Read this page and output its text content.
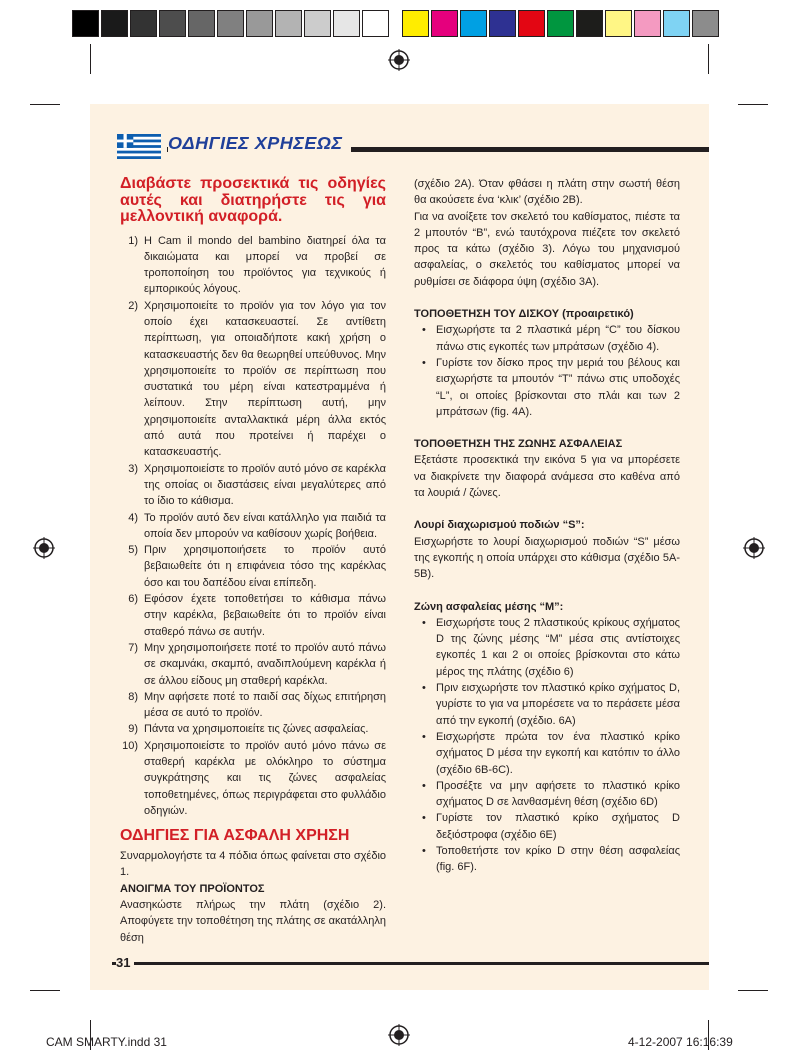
ΟΔΗΓΙΕΣ ΧΡΗΣΕΩΣ

Διαβάστε προσεκτικά τις οδηγίες αυτές και διατηρήστε τις για μελλοντική αναφορά.

1) H Cam il mondo del bambino διατηρεί όλα τα δικαιώματα και μπορεί να προβεί σε τροποποίηση του προϊόντος για τεχνικούς ή εμπορικούς λόγους.
2) Χρησιμοποιείτε το προϊόν για τον λόγο για τον οποίο έχει κατασκευαστεί. Σε αντίθετη περίπτωση, για οποιαδήποτε κακή χρήση ο κατασκευαστής δεν θα θεωρηθεί υπεύθυνος. Μην χρησιμοποιείτε το προϊόν σε περίπτωση που συστατικά του μέρη είναι κατεστραμμένα ή λείπουν. Στην περίπτωση αυτή, μην χρησιμοποιείτε ανταλλακτικά μέρη άλλα εκτός από αυτά που προτείνει ή παρέχει ο κατασκευαστής.
3) Χρησιμοποιείστε το προϊόν αυτό μόνο σε καρέκλα της οποίας οι διαστάσεις είναι μεγαλύτερες από το ίδιο το κάθισμα.
4) Το προϊόν αυτό δεν είναι κατάλληλο για παιδιά τα οποία δεν μπορούν να καθίσουν χωρίς βοήθεια.
5) Πριν χρησιμοποιήσετε το προϊόν αυτό βεβαιωθείτε ότι η επιφάνεια τόσο της καρέκλας όσο και του δαπέδου είναι επίπεδη.
6) Εφόσον έχετε τοποθετήσει το κάθισμα πάνω στην καρέκλα, βεβαιωθείτε ότι το προϊόν είναι σταθερό πάνω σε αυτήν.
7) Μην χρησιμοποιήσετε ποτέ το προϊόν αυτό πάνω σε σκαμνάκι, σκαμπό, αναδιπλούμενη καρέκλα ή σε άλλου είδους μη σταθερή καρέκλα.
8) Μην αφήσετε ποτέ το παιδί σας δίχως επιτήρηση μέσα σε αυτό το προϊόν.
9) Πάντα να χρησιμοποιείτε τις ζώνες ασφαλείας.
10) Χρησιμοποιείστε το προϊόν αυτό μόνο πάνω σε σταθερή καρέκλα με ολόκληρο το σύστημα συγκράτησης και τις ζώνες ασφαλείας τοποθετημένες, όπως περιγράφεται στο φυλλάδιο οδηγιών.
ΟΔΗΓΙΕΣ ΓΙΑ ΑΣΦΑΛΗ ΧΡΗΣΗ

Συναρμολογήστε τα 4 πόδια όπως φαίνεται στο σχέδιο 1.

ΑΝΟΙΓΜΑ ΤΟΥ ΠΡΟΪΟΝΤΟΣ

Ανασηκώστε πλήρως την πλάτη (σχέδιο 2). Αποφύγετε την τοποθέτηση της πλάτης σε ακατάλληλη θέση

(σχέδιο 2A). Όταν φθάσει η πλάτη στην σωστή θέση θα ακούσετε ένα ‘κλικ’ (σχέδιο 2B).

Για να ανοίξετε τον σκελετό του καθίσματος, πιέστε τα 2 μπουτόν “B”, ενώ ταυτόχρονα πιέζετε τον σκελετό προς τα κάτω (σχέδιο 3). Λόγω του μηχανισμού ασφαλείας, ο σκελετός του καθίσματος μπορεί να ρυθμίσει σε διάφορα ύψη (σχέδιο 3A).

ΤΟΠΟΘΕΤΗΣΗ ΤΟΥ ΔΙΣΚΟΥ (προαιρετικό)

• Εισχωρήστε τα 2 πλαστικά μέρη “C” του δίσκου πάνω στις εγκοπές των μπράτσων (σχέδιο 4).
• Γυρίστε τον δίσκο προς την μεριά του βέλους και εισχωρήστε τα μπουτόν “T” πάνω στις υποδοχές “L”, οι οποίες βρίσκονται στο πλάι και των 2 μπράτσων (fig. 4A).

ΤΟΠΟΘΕΤΗΣΗ ΤΗΣ ΖΩΝΗΣ ΑΣΦΑΛΕΙΑΣ

Εξετάστε προσεκτικά την εικόνα 5 για να μπορέσετε να διακρίνετε την διαφορά ανάμεσα στο καθένα από τα λουριά / ζώνες.

Λουρί διαχωρισμού ποδιών “S”:

Εισχωρήστε το λουρί διαχωρισμού ποδιών “S” μέσω της εγκοπής η οποία υπάρχει στο κάθισμα (σχέδιο 5A-5B).

Ζώνη ασφαλείας μέσης “M”:

• Εισχωρήστε τους 2 πλαστικούς κρίκους σχήματος D της ζώνης μέσης “M” μέσα στις αντίστοιχες εγκοπές 1 και 2 οι οποίες βρίσκονται στο κάτω μέρος της πλάτης (σχέδιο 6)
• Πριν εισχωρήστε τον πλαστικό κρίκο σχήματος D, γυρίστε το για να μπορέσετε να το περάσετε μέσα από την εγκοπή (σχέδιο. 6A)
• Εισχωρήστε πρώτα τον ένα πλαστικό κρίκο σχήματος D μέσα την εγκοπή και κατόπιν το άλλο (σχέδιο 6B-6C).
• Προσέξτε να μην αφήσετε το πλαστικό κρίκο σχήματος D σε λανθασμένη θέση (σχέδιο 6D)
• Γυρίστε τον πλαστικό κρίκο σχήματος D δεξιόστροφα (σχέδιο 6E)
• Τοποθετήστε τον κρίκο D στην θέση ασφαλείας (fig. 6F).
31
CAM SMARTY.indd 31	4-12-2007 16:16:39
